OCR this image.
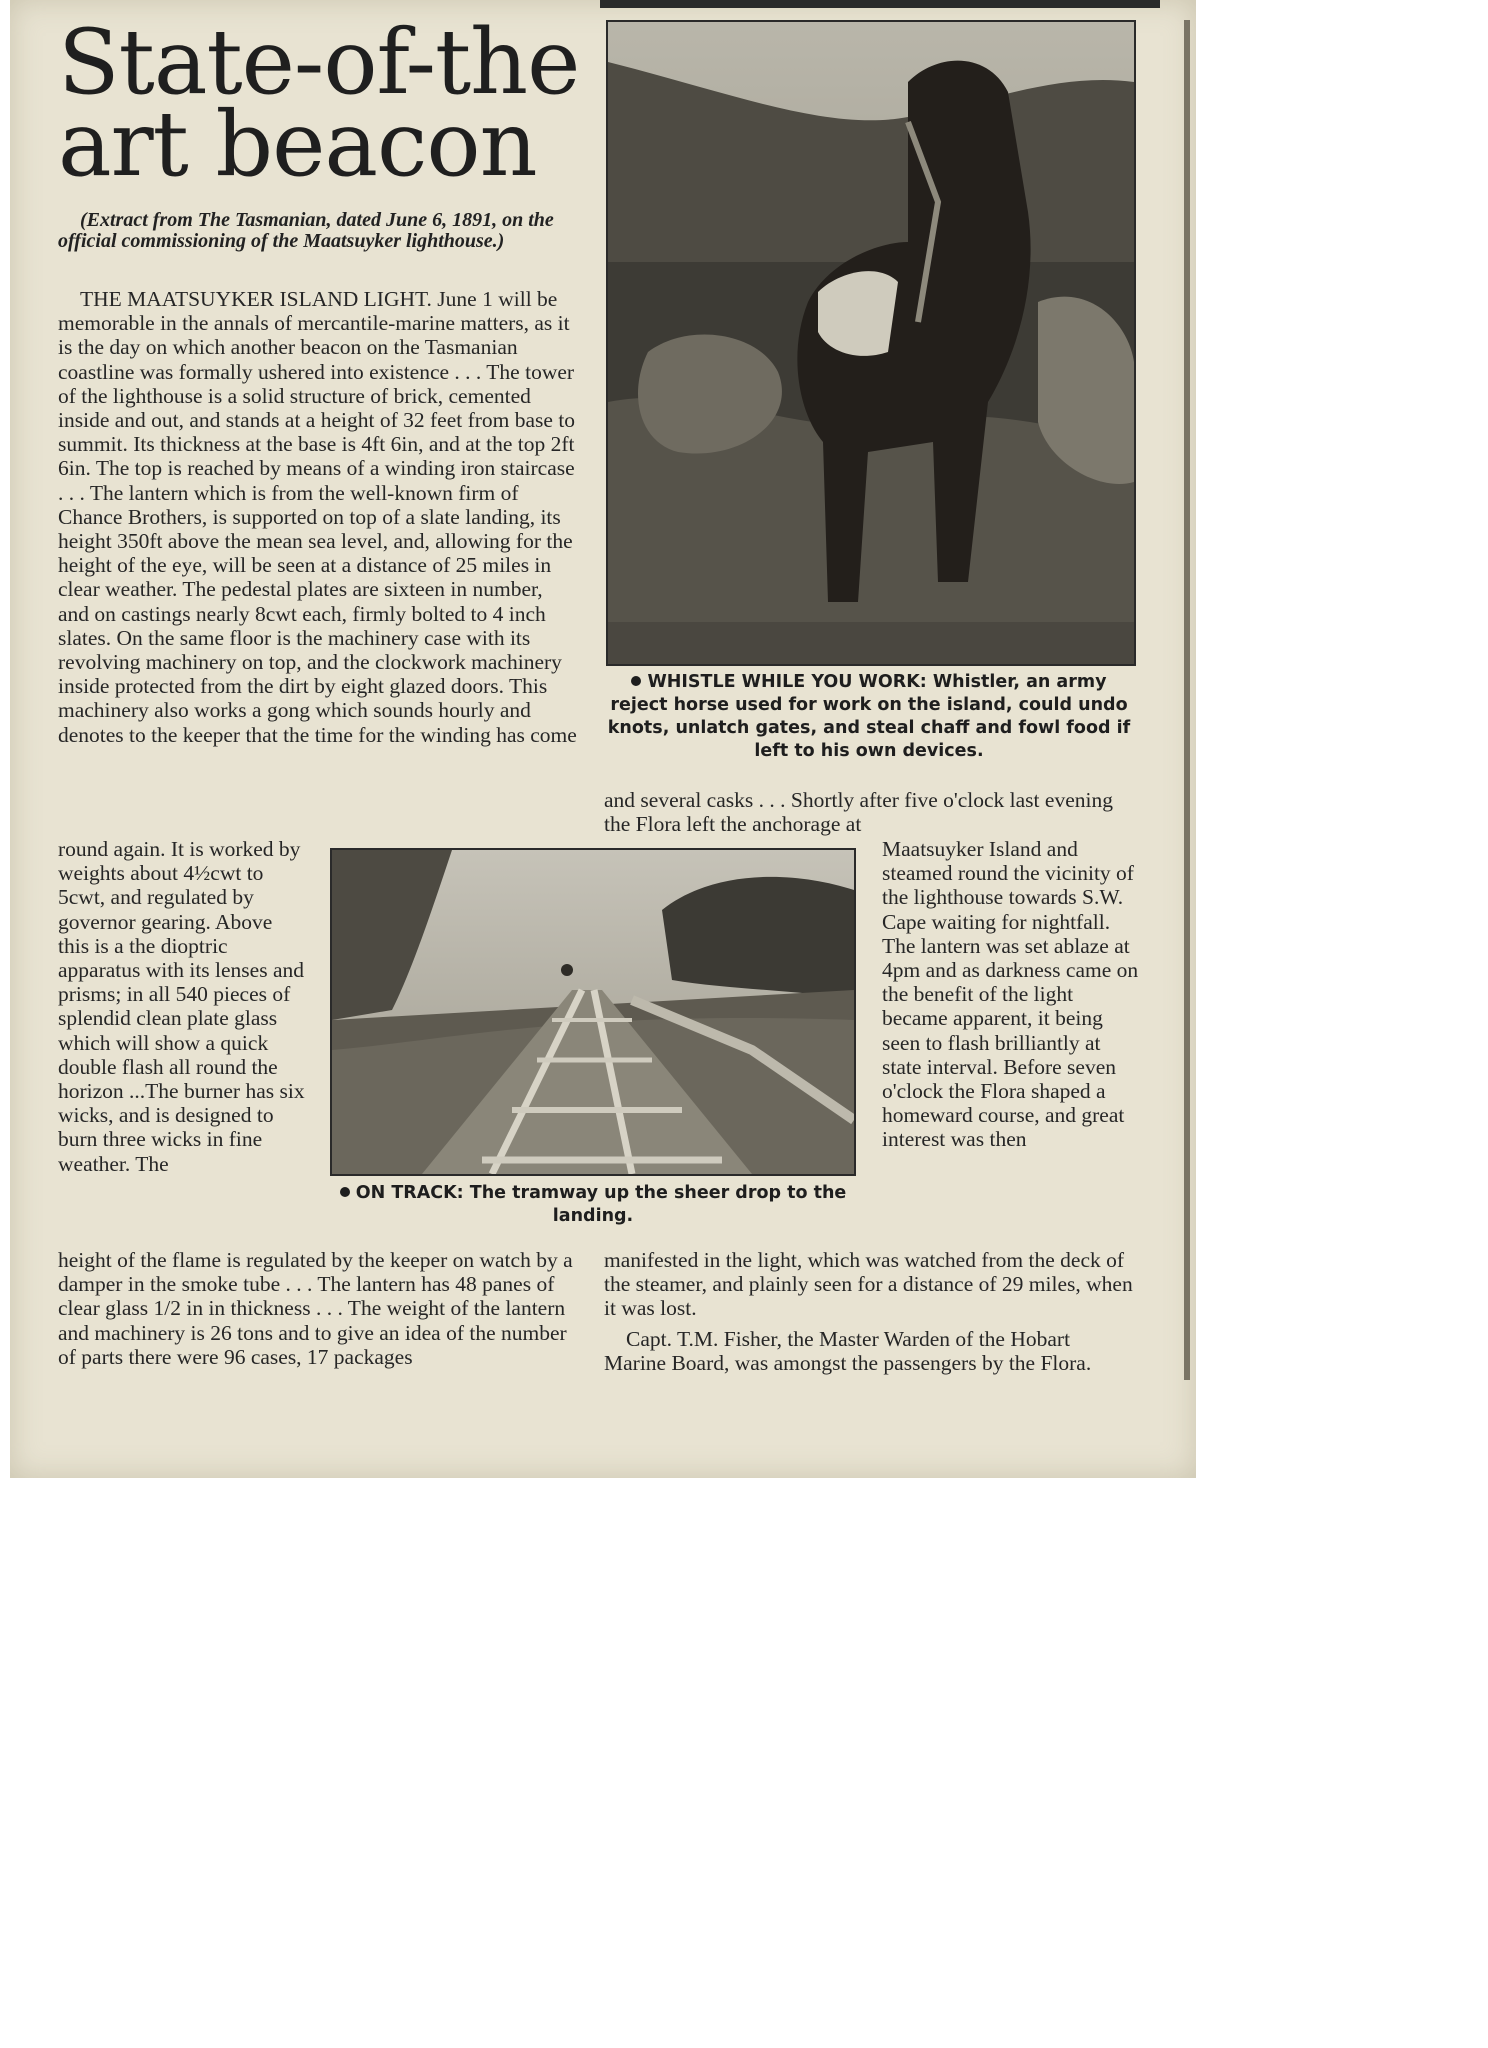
State-of-the art beacon
(Extract from The Tasmanian, dated June 6, 1891, on the official commissioning of the Maatsuyker lighthouse.)

THE MAATSUYKER ISLAND LIGHT. June 1 will be memorable in the annals of mercantile-marine matters, as it is the day on which another beacon on the Tasmanian coastline was formally ushered into existence . . . The tower of the lighthouse is a solid structure of brick, cemented inside and out, and stands at a height of 32 feet from base to summit. Its thickness at the base is 4ft 6in, and at the top 2ft 6in. The top is reached by means of a winding iron staircase . . . The lantern which is from the well-known firm of Chance Brothers, is supported on top of a slate landing, its height 350ft above the mean sea level, and, allowing for the height of the eye, will be seen at a distance of 25 miles in clear weather. The pedestal plates are sixteen in number, and on castings nearly 8cwt each, firmly bolted to 4 inch slates. On the same floor is the machinery case with its revolving machinery on top, and the clockwork machinery inside protected from the dirt by eight glazed doors. This machinery also works a gong which sounds hourly and denotes to the keeper that the time for the winding has come

round again. It is worked by weights about 4½cwt to 5cwt, and regulated by governor gearing. Above this is a the dioptric apparatus with its lenses and prisms; in all 540 pieces of splendid clean plate glass which will show a quick double flash all round the horizon ...The burner has six wicks, and is designed to burn three wicks in fine weather. The

height of the flame is regulated by the keeper on watch by a damper in the smoke tube . . . The lantern has 48 panes of clear glass 1/2 in in thickness . . . The weight of the lantern and machinery is 26 tons and to give an idea of the number of parts there were 96 cases, 17 packages

WHISTLE WHILE YOU WORK: Whistler, an army reject horse used for work on the island, could undo knots, unlatch gates, and steal chaff and fowl food if left to his own devices.

and several casks . . . Shortly after five o'clock last evening the Flora left the anchorage at

ON TRACK: The tramway up the sheer drop to the landing.

Maatsuyker Island and steamed round the vicinity of the lighthouse towards S.W. Cape waiting for nightfall. The lantern was set ablaze at 4pm and as darkness came on the benefit of the light became apparent, it being seen to flash brilliantly at state interval. Before seven o'clock the Flora shaped a homeward course, and great interest was then

manifested in the light, which was watched from the deck of the steamer, and plainly seen for a distance of 29 miles, when it was lost.

Capt. T.M. Fisher, the Master Warden of the Hobart Marine Board, was amongst the passengers by the Flora.
